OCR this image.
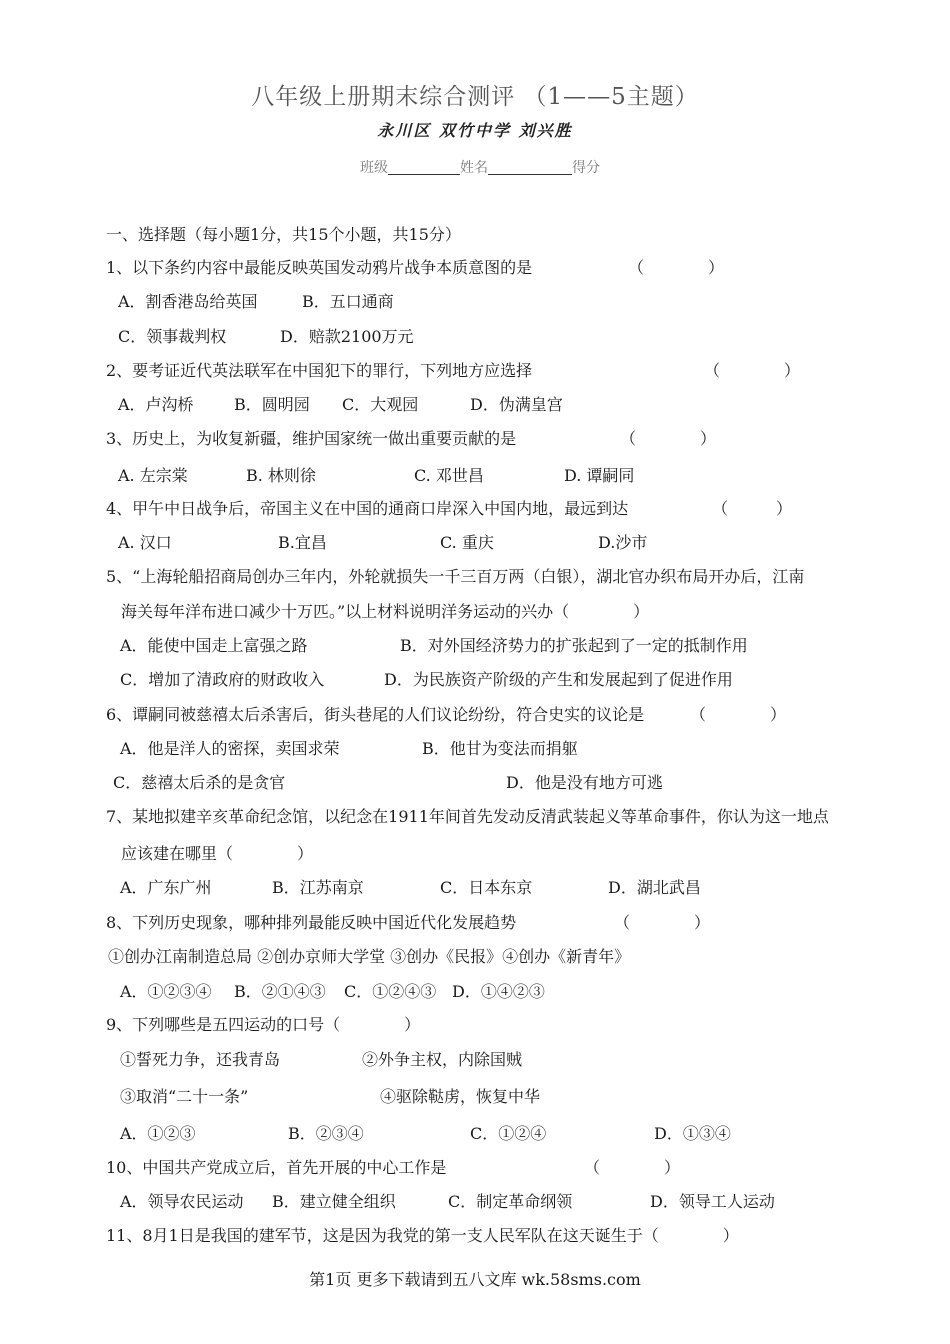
八年级上册期末综合测评 （1——5主题）
永川区 双竹中学 刘兴胜
班级	姓名	得分
一、选择题（每小题1分，共15个小题，共15分）
1、以下条约内容中最能反映英国发动鸦片战争本质意图的是	（　　　　）
A．割香港岛给英国	B．五口通商
C．领事裁判权	D．赔款2100万元
2、要考证近代英法联军在中国犯下的罪行，下列地方应选择	（　　　　）
A．卢沟桥	B．圆明园 C．大观园	D．伪满皇宫
3、历史上，为收复新疆，维护国家统一做出重要贡献的是	（　　　　）
A. 左宗棠	B. 林则徐	C. 邓世昌	D. 谭嗣同
4、甲午中日战争后，帝国主义在中国的通商口岸深入中国内地，最远到达	（　　　）
A. 汉口	B.宜昌	C. 重庆	D.沙市
5、“上海轮船招商局创办三年内，外轮就损失一千三百万两（白银），湖北官办织布局开办后，江南
海关每年洋布进口减少十万匹。”以上材料说明洋务运动的兴办（　　　　）
A．能使中国走上富强之路	B．对外国经济势力的扩张起到了一定的抵制作用
C．增加了清政府的财政收入	D．为民族资产阶级的产生和发展起到了促进作用
6、谭嗣同被慈禧太后杀害后，街头巷尾的人们议论纷纷，符合史实的议论是	（　　　　）
A．他是洋人的密探，卖国求荣	B．他甘为变法而捐躯
C．慈禧太后杀的是贪官	D．他是没有地方可逃
7、某地拟建辛亥革命纪念馆，以纪念在1911年间首先发动反清武装起义等革命事件，你认为这一地点
应该建在哪里（　　　　）
A．广东广州	B．江苏南京	C．日本东京	D．湖北武昌
8、下列历史现象，哪种排列最能反映中国近代化发展趋势	（　　　　）
①创办江南制造总局 ②创办京师大学堂 ③创办《民报》④创办《新青年》
A．①②③④ B．②①④③ C．①②④③ D．①④②③
9、下列哪些是五四运动的口号（　　　　）
①誓死力争，还我青岛	②外争主权，内除国贼
③取消“二十一条”	④驱除鞑虏，恢复中华
A．①②③	B．②③④	C．①②④	D．①③④
10、中国共产党成立后，首先开展的中心工作是	（　　　　）
A．领导农民运动 B．建立健全组织	C．制定革命纲领	D．领导工人运动
11、8月1日是我国的建军节，这是因为我党的第一支人民军队在这天诞生于（　　　　）
第1页 更多下载请到五八文库 wk.58sms.com
